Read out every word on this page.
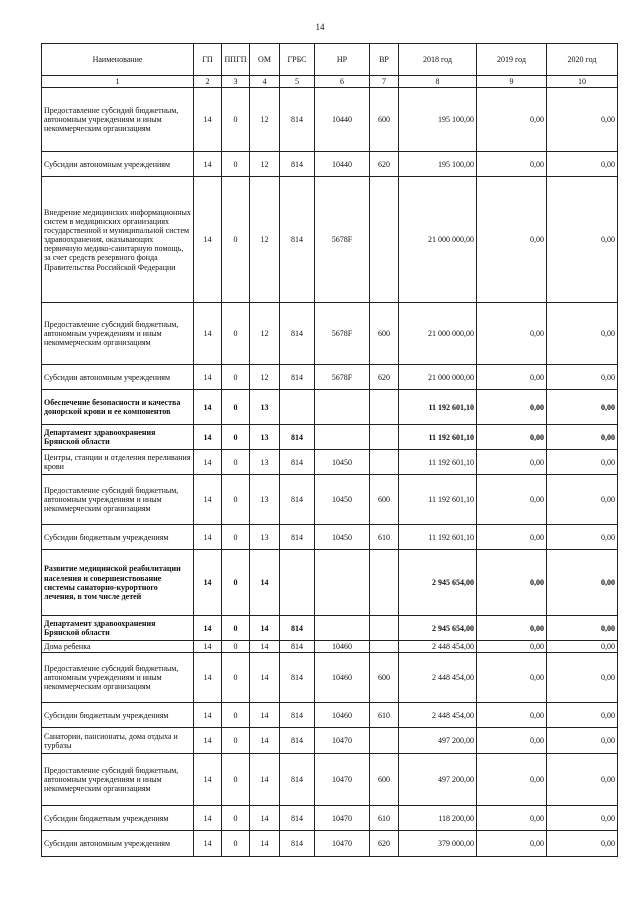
14
Наименование	ГП	ППГП	ОМ	ГРБС	НР	ВР	2018 год	2019 год	2020 год
1	2	3	4	5	6	7	8	9	10
Предоставление субсидий бюджетным, автономным учреждениям и иным некоммерческим организациям	14	0	12	814	10440	600	195 100,00	0,00	0,00
Субсидии автономным учреждениям	14	0	12	814	10440	620	195 100,00	0,00	0,00
Внедрение медицинских информационных систем в медицинских организациях государственной и муниципальной систем здравоохранения, оказывающих первичную медико-санитарную помощь, за счет средств резервного фонда Правительства Российской Федерации	14	0	12	814	5678F		21 000 000,00	0,00	0,00
Предоставление субсидий бюджетным, автономным учреждениям и иным некоммерческим организациям	14	0	12	814	5678F	600	21 000 000,00	0,00	0,00
Субсидии автономным учреждениям	14	0	12	814	5678F	620	21 000 000,00	0,00	0,00
Обеспечение безопасности и качества донорской крови и ее компонентов	14	0	13				11 192 601,10	0,00	0,00
Департамент здравоохранения Брянской области	14	0	13	814			11 192 601,10	0,00	0,00
Центры, станции и отделения переливания крови	14	0	13	814	10450		11 192 601,10	0,00	0,00
Предоставление субсидий бюджетным, автономным учреждениям и иным некоммерческим организациям	14	0	13	814	10450	600	11 192 601,10	0,00	0,00
Субсидии бюджетным учреждениям	14	0	13	814	10450	610	11 192 601,10	0,00	0,00
Развитие медицинской реабилитации населения и совершенствование системы санаторно-курортного лечения, в том числе детей	14	0	14				2 945 654,00	0,00	0,00
Департамент здравоохранения Брянской области	14	0	14	814			2 945 654,00	0,00	0,00
Дома ребенка	14	0	14	814	10460		2 448 454,00	0,00	0,00
Предоставление субсидий бюджетным, автономным учреждениям и иным некоммерческим организациям	14	0	14	814	10460	600	2 448 454,00	0,00	0,00
Субсидии бюджетным учреждениям	14	0	14	814	10460	610	2 448 454,00	0,00	0,00
Санатории, пансионаты, дома отдыха и турбазы	14	0	14	814	10470		497 200,00	0,00	0,00
Предоставление субсидий бюджетным, автономным учреждениям и иным некоммерческим организациям	14	0	14	814	10470	600	497 200,00	0,00	0,00
Субсидии бюджетным учреждениям	14	0	14	814	10470	610	118 200,00	0,00	0,00
Субсидии автономным учреждениям	14	0	14	814	10470	620	379 000,00	0,00	0,00
